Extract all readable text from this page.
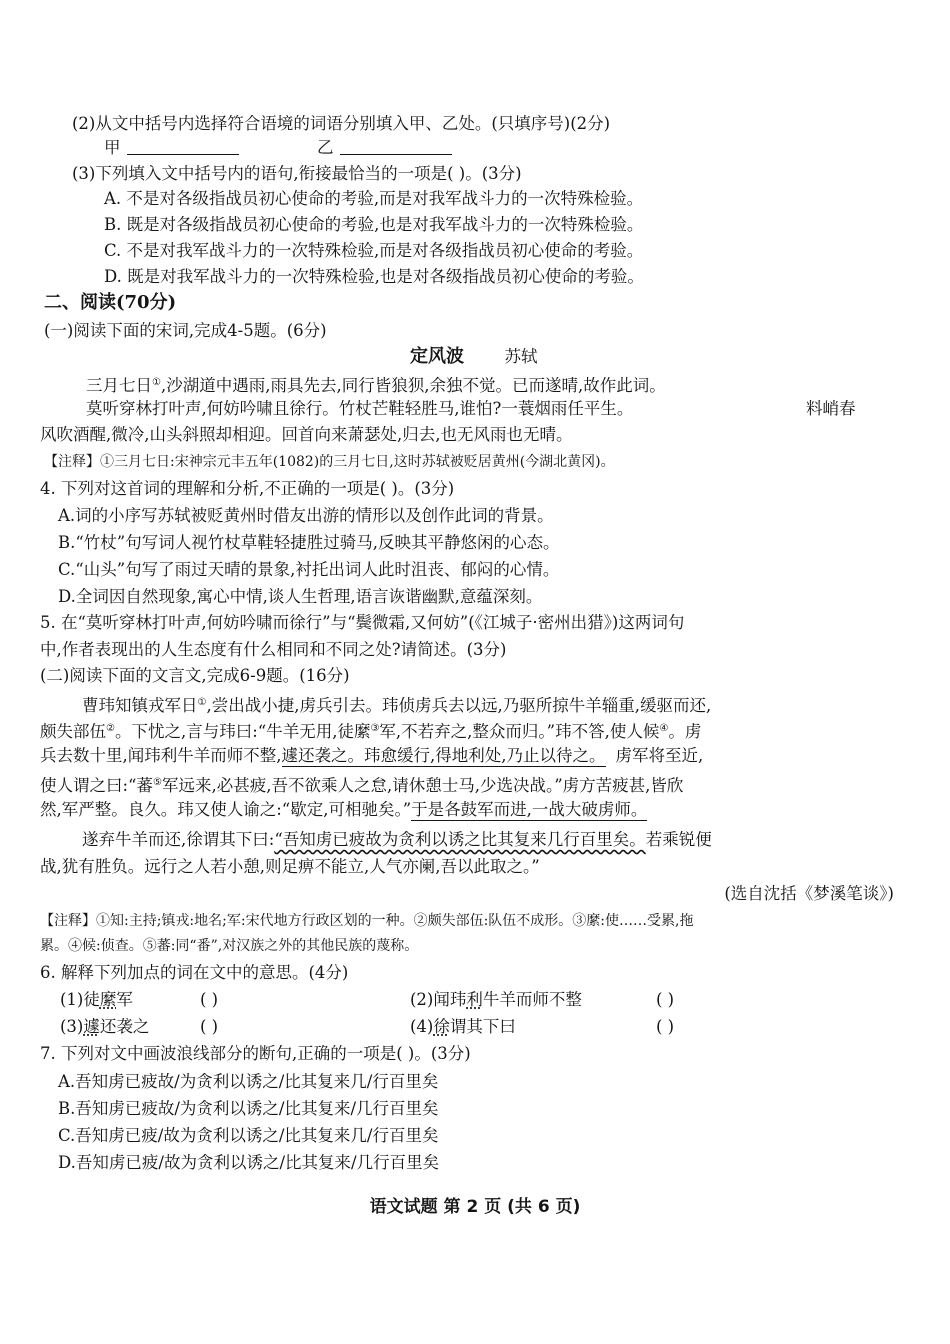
(2)从文中括号内选择符合语境的词语分别填入甲、乙处。(只填序号)(2分)
甲	乙
(3)下列填入文中括号内的语句,衔接最恰当的一项是( )。(3分)
A. 不是对各级指战员初心使命的考验,而是对我军战斗力的一次特殊检验。
B. 既是对各级指战员初心使命的考验,也是对我军战斗力的一次特殊检验。
C. 不是对我军战斗力的一次特殊检验,而是对各级指战员初心使命的考验。
D. 既是对我军战斗力的一次特殊检验,也是对各级指战员初心使命的考验。
二、阅读(70分)
(一)阅读下面的宋词,完成4-5题。(6分)
定风波 苏轼
三月七日①,沙湖道中遇雨,雨具先去,同行皆狼狈,余独不觉。已而遂晴,故作此词。
莫听穿林打叶声,何妨吟啸且徐行。竹杖芒鞋轻胜马,谁怕?一蓑烟雨任平生。	料峭春
风吹酒醒,微冷,山头斜照却相迎。回首向来萧瑟处,归去,也无风雨也无晴。
【注释】①三月七日:宋神宗元丰五年(1082)的三月七日,这时苏轼被贬居黄州(今湖北黄冈)。
4. 下列对这首词的理解和分析,不正确的一项是( )。(3分)
A.词的小序写苏轼被贬黄州时借友出游的情形以及创作此词的背景。
B.“竹杖”句写词人视竹杖草鞋轻捷胜过骑马,反映其平静悠闲的心态。
C.“山头”句写了雨过天晴的景象,衬托出词人此时沮丧、郁闷的心情。
D.全词因自然现象,寓心中情,谈人生哲理,语言诙谐幽默,意蕴深刻。
5. 在“莫听穿林打叶声,何妨吟啸而徐行”与“鬓微霜,又何妨”(《江城子·密州出猎》)这两词句
中,作者表现出的人生态度有什么相同和不同之处?请简述。(3分)
(二)阅读下面的文言文,完成6-9题。(16分)
曹玮知镇戎军日①,尝出战小捷,虏兵引去。玮侦虏兵去以远,乃驱所掠牛羊辎重,缓驱而还,
颇失部伍②。下忧之,言与玮曰:“牛羊无用,徒縻③军,不若弃之,整众而归。”玮不答,使人候④。虏
兵去数十里,闻玮利牛羊而师不整,遽还袭之。玮愈缓行,得地利处,乃止以待之。 虏军将至近,
使人谓之曰:“蕃⑤军远来,必甚疲,吾不欲乘人之怠,请休憩士马,少选决战。”虏方苦疲甚,皆欣
然,军严整。良久。玮又使人谕之:“歇定,可相驰矣。”于是各鼓军而进,一战大破虏师。
遂弃牛羊而还,徐谓其下曰:“吾知虏已疲故为贪利以诱之比其复来几行百里矣。若乘锐便
战,犹有胜负。远行之人若小憩,则足痹不能立,人气亦阑,吾以此取之。”
(选自沈括《梦溪笔谈》)
【注释】①知:主持;镇戎:地名;军:宋代地方行政区划的一种。②颇失部伍:队伍不成形。③縻:使……受累,拖
累。④候:侦查。⑤蕃:同“番”,对汉族之外的其他民族的蔑称。
6. 解释下列加点的词在文中的意思。(4分)
(1)徒縻军	( )	(2)闻玮利牛羊而师不整	( )
(3)遽还袭之	( )	(4)徐谓其下曰	( )
7. 下列对文中画波浪线部分的断句,正确的一项是( )。(3分)
A.吾知虏已疲故/为贪利以诱之/比其复来几/行百里矣
B.吾知虏已疲故/为贪利以诱之/比其复来/几行百里矣
C.吾知虏已疲/故为贪利以诱之/比其复来几/行百里矣
D.吾知虏已疲/故为贪利以诱之/比其复来/几行百里矣
语文试题 第 2 页 (共 6 页)
